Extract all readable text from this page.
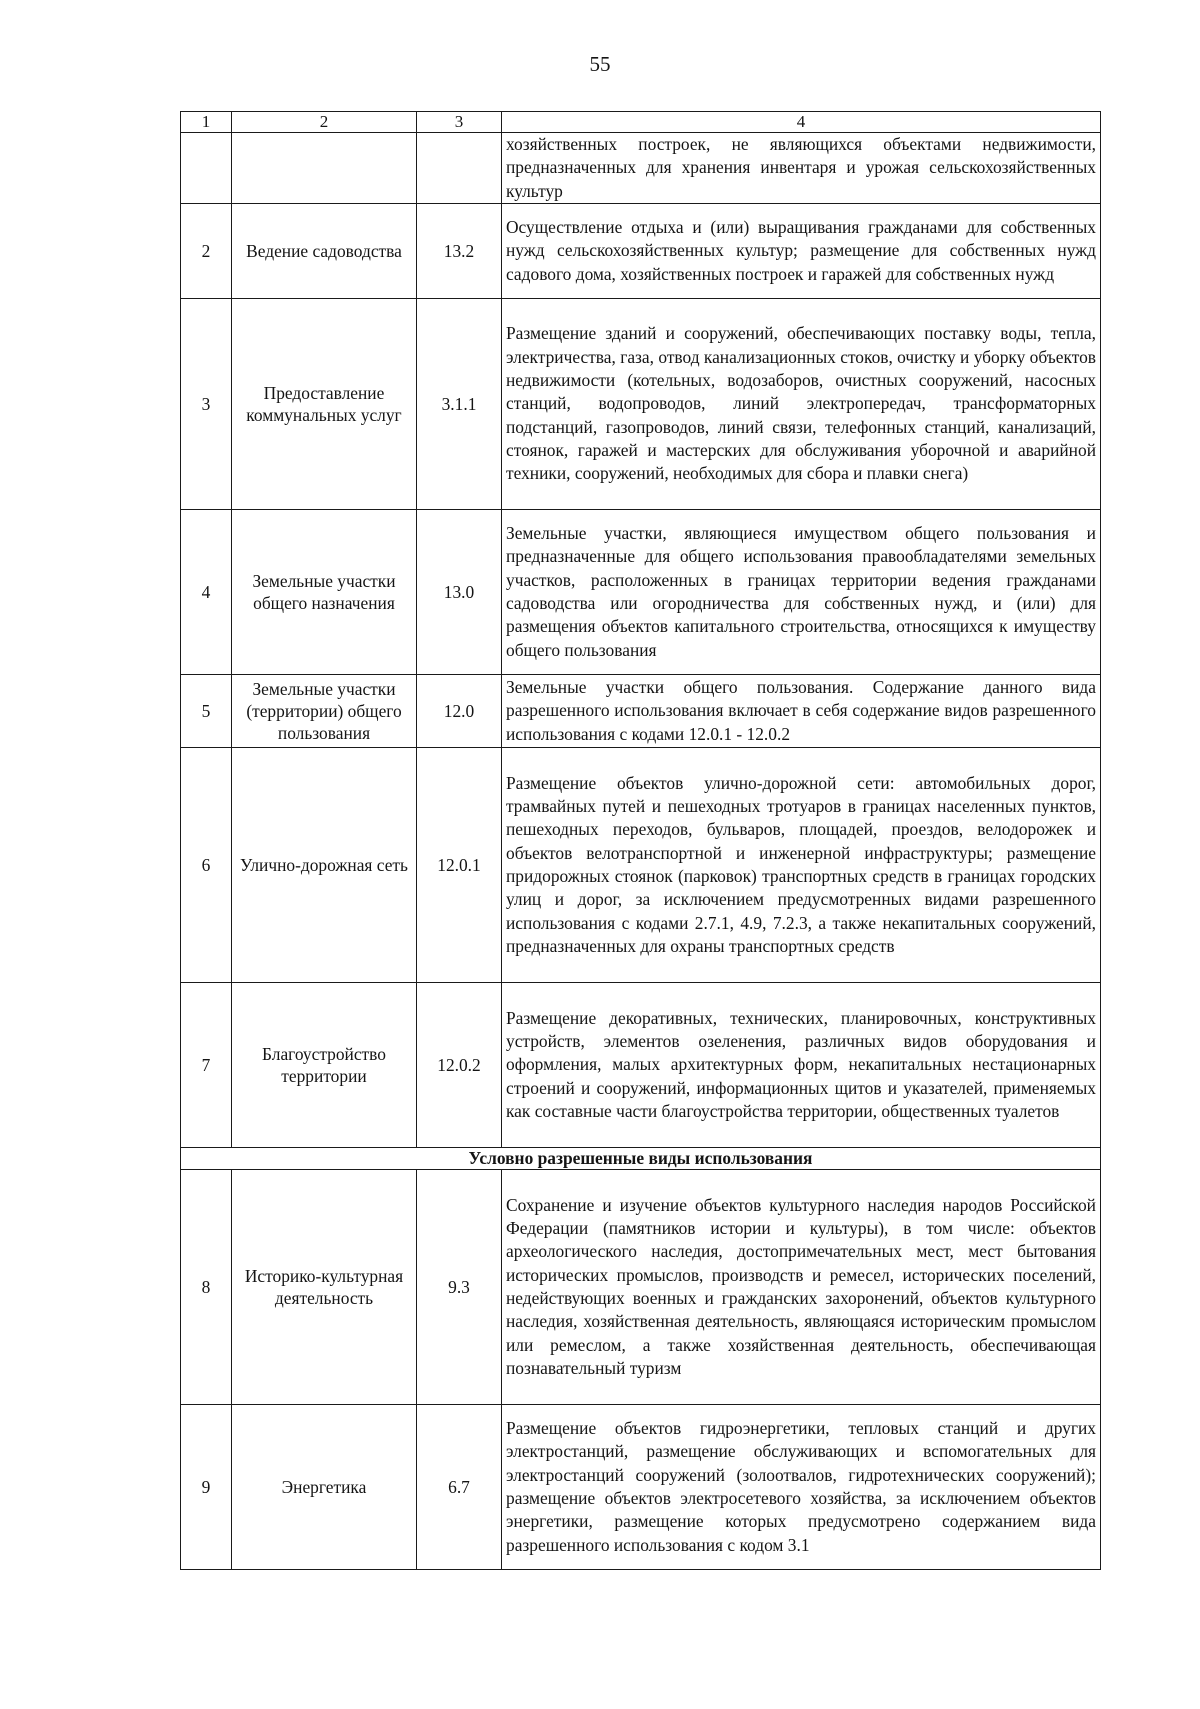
55
1	2	3	4
			хозяйственных построек, не являющихся объектами недвижимости, предназначенных для хранения инвентаря и урожая сельскохозяйственных культур
2	Ведение садоводства	13.2	Осуществление отдыха и (или) выращивания гражданами для собственных нужд сельскохозяйственных культур; размещение для собственных нужд садового дома, хозяйственных построек и гаражей для собственных нужд
3	Предоставление коммунальных услуг	3.1.1	Размещение зданий и сооружений, обеспечивающих поставку воды, тепла, электричества, газа, отвод канализационных стоков, очистку и уборку объектов недвижимости (котельных, водозаборов, очистных сооружений, насосных станций, водопроводов, линий электропередач, трансформаторных подстанций, газопроводов, линий связи, телефонных станций, канализаций, стоянок, гаражей и мастерских для обслуживания уборочной и аварийной техники, сооружений, необходимых для сбора и плавки снега)
4	Земельные участки общего назначения	13.0	Земельные участки, являющиеся имуществом общего пользования и предназначенные для общего использования правообладателями земельных участков, расположенных в границах территории ведения гражданами садоводства или огородничества для собственных нужд, и (или) для размещения объектов капитального строительства, относящихся к имуществу общего пользования
5	Земельные участки (территории) общего пользования	12.0	Земельные участки общего пользования. Содержание данного вида разрешенного использования включает в себя содержание видов разрешенного использования с кодами 12.0.1 - 12.0.2
6	Улично-дорожная сеть	12.0.1	Размещение объектов улично-дорожной сети: автомобильных дорог, трамвайных путей и пешеходных тротуаров в границах населенных пунктов, пешеходных переходов, бульваров, площадей, проездов, велодорожек и объектов велотранспортной и инженерной инфраструктуры; размещение придорожных стоянок (парковок) транспортных средств в границах городских улиц и дорог, за исключением предусмотренных видами разрешенного использования с кодами 2.7.1, 4.9, 7.2.3, а также некапитальных сооружений, предназначенных для охраны транспортных средств
7	Благоустройство территории	12.0.2	Размещение декоративных, технических, планировочных, конструктивных устройств, элементов озеленения, различных видов оборудования и оформления, малых архитектурных форм, некапитальных нестационарных строений и сооружений, информационных щитов и указателей, применяемых как составные части благоустройства территории, общественных туалетов
Условно разрешенные виды использования			
8	Историко-культурная деятельность	9.3	Сохранение и изучение объектов культурного наследия народов Российской Федерации (памятников истории и культуры), в том числе: объектов археологического наследия, достопримечательных мест, мест бытования исторических промыслов, производств и ремесел, исторических поселений, недействующих военных и гражданских захоронений, объектов культурного наследия, хозяйственная деятельность, являющаяся историческим промыслом или ремеслом, а также хозяйственная деятельность, обеспечивающая познавательный туризм
9	Энергетика	6.7	Размещение объектов гидроэнергетики, тепловых станций и других электростанций, размещение обслуживающих и вспомогательных для электростанций сооружений (золоотвалов, гидротехнических сооружений); размещение объектов электросетевого хозяйства, за исключением объектов энергетики, размещение которых предусмотрено содержанием вида разрешенного использования с кодом 3.1
